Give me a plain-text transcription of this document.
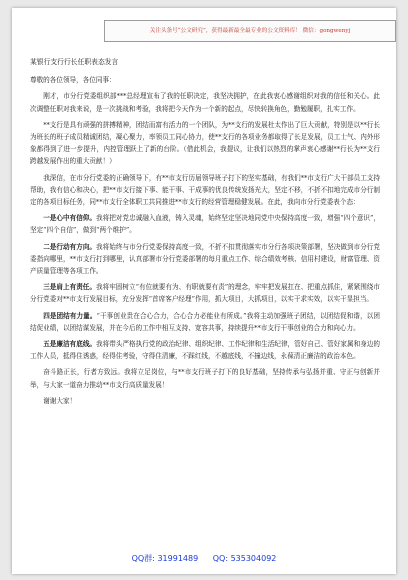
关注头条号“公文研究”，获得最新最全最专业的公文资料库！ 微信：gongwenyj
某银行支行行长任职表态发言

尊敬的各位领导，各位同事：

刚才，市分行党委组织部***总经理宣布了我的任职决定，我坚决拥护，在此我衷心感谢组织对我的信任和关心。此次调整任职对我来说，是一次挑战和考验，我将把今天作为一个新的起点，尽快转换角色，勤勉履职，扎实工作。

**支行是具有顽强的拼搏精神，团结而富有活力的一个团队，为**支行的发展杜太作出了巨大贡献，特别是以**行长为班长的班子成员精诚团结，凝心聚力，率领员工同心协力，使**支行的各项业务都取得了长足发展，员工士气、内外形象都得到了进一步提升，内控管理跃上了新的台阶。（借此机会，我提议，让我们以热烈的掌声衷心感谢**行长为**支行跨越发展作出的重大贡献！）

我深信，在市分行党委的正确领导下，有**市支行历届领导班子打下的坚实基础，有我们**市支行广大干部员工支持帮助，我有信心和决心，把**市支行接下事、能干事、干成事的优良传统发扬光大，坚定不移，不折不扣地完成市分行制定的各项目标任务，同**市支行全体职工共同推进**市支行的经营管理稳健发展。在此，我向市分行党委表个态：

一是心中有信仰。我将把对党忠诚融入血液，铸入灵魂，始终坚定坚决地同党中央保持高度一致，增强“四个意识”，坚定“四个自信”，做到“两个维护”。

二是行动有方向。我将始终与市分行党委保持高度一致，不折不扣贯彻落实市分行各项决策部署，坚决做到市分行党委指向哪里，**市支行打到哪里，认真部署市分行党委部署的每月重点工作、综合绩效考核、信用村建设，财富管理、资产质量管理等各项工作。

三是肩上有责任。我将牢固树立“有位就要有为、有职就要有责”的理念，牢牢把发展扛在、把重点抓住，紧紧围绕市分行党委对**市支行发展目标，充分发挥“首席客户经理”作用，抓大项目，大抓项目，以实干求实效，以实干显担当。

四是团结有力量。“干事创业贵在合心合力，合心合力必能业有所成。”我将主动加强班子团结，以团结促和谐，以团结促业绩，以团结谋发展，并在今后的工作中相互支持、宽容共事，持续提升**市支行干事创业的合力和向心力。

五是廉洁有底线。我将带头严格执行党的政治纪律、组织纪律、工作纪律和生活纪律，管好自己、管好家属和身边的工作人员，抵得住诱惑，经得住考验，守得住清廉，不踩红线，不越底线，不撞边线，永葆清正廉洁的政治本色。

奋斗路正长，行者方致远。我将立足岗位，与**市支行班子打下的良好基础，坚持传承与弘扬并重、守正与创新并举，与大家一道奋力推动**市支行高质量发展！

谢谢大家！

QQ群: 31991489 QQ: 535304092
